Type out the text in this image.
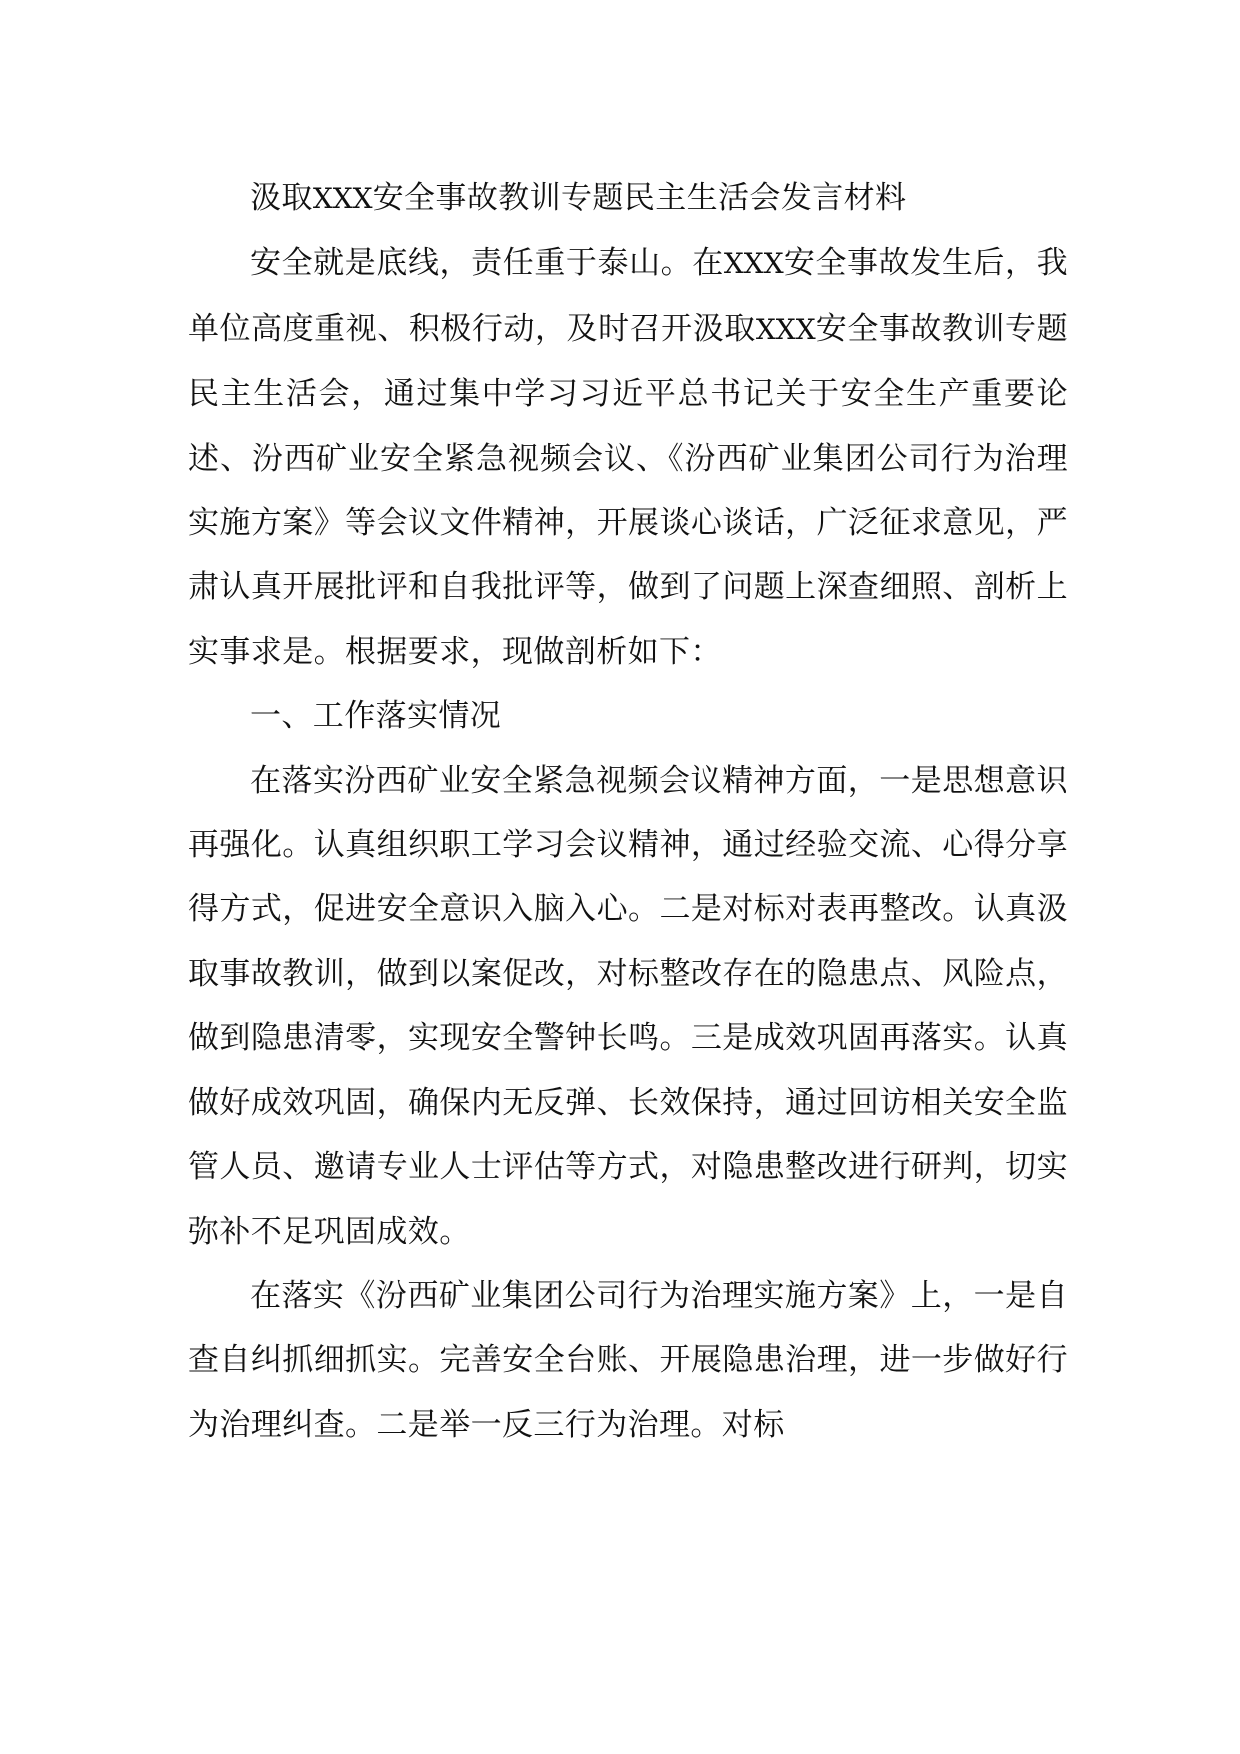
汲取XXX安全事故教训专题民主生活会发言材料

安全就是底线，责任重于泰山。在XXX安全事故发生后，我单位高度重视、积极行动，及时召开汲取XXX安全事故教训专题民主生活会，通过集中学习习近平总书记关于安全生产重要论述、汾西矿业安全紧急视频会议、《汾西矿业集团公司行为治理实施方案》等会议文件精神，开展谈心谈话，广泛征求意见，严肃认真开展批评和自我批评等，做到了问题上深查细照、剖析上实事求是。根据要求，现做剖析如下：

一、工作落实情况

在落实汾西矿业安全紧急视频会议精神方面，一是思想意识再强化。认真组织职工学习会议精神，通过经验交流、心得分享得方式，促进安全意识入脑入心。二是对标对表再整改。认真汲取事故教训，做到以案促改，对标整改存在的隐患点、风险点，做到隐患清零，实现安全警钟长鸣。三是成效巩固再落实。认真做好成效巩固，确保内无反弹、长效保持，通过回访相关安全监管人员、邀请专业人士评估等方式，对隐患整改进行研判，切实弥补不足巩固成效。

在落实《汾西矿业集团公司行为治理实施方案》上，一是自查自纠抓细抓实。完善安全台账、开展隐患治理，进一步做好行为治理纠查。二是举一反三行为治理。对标
